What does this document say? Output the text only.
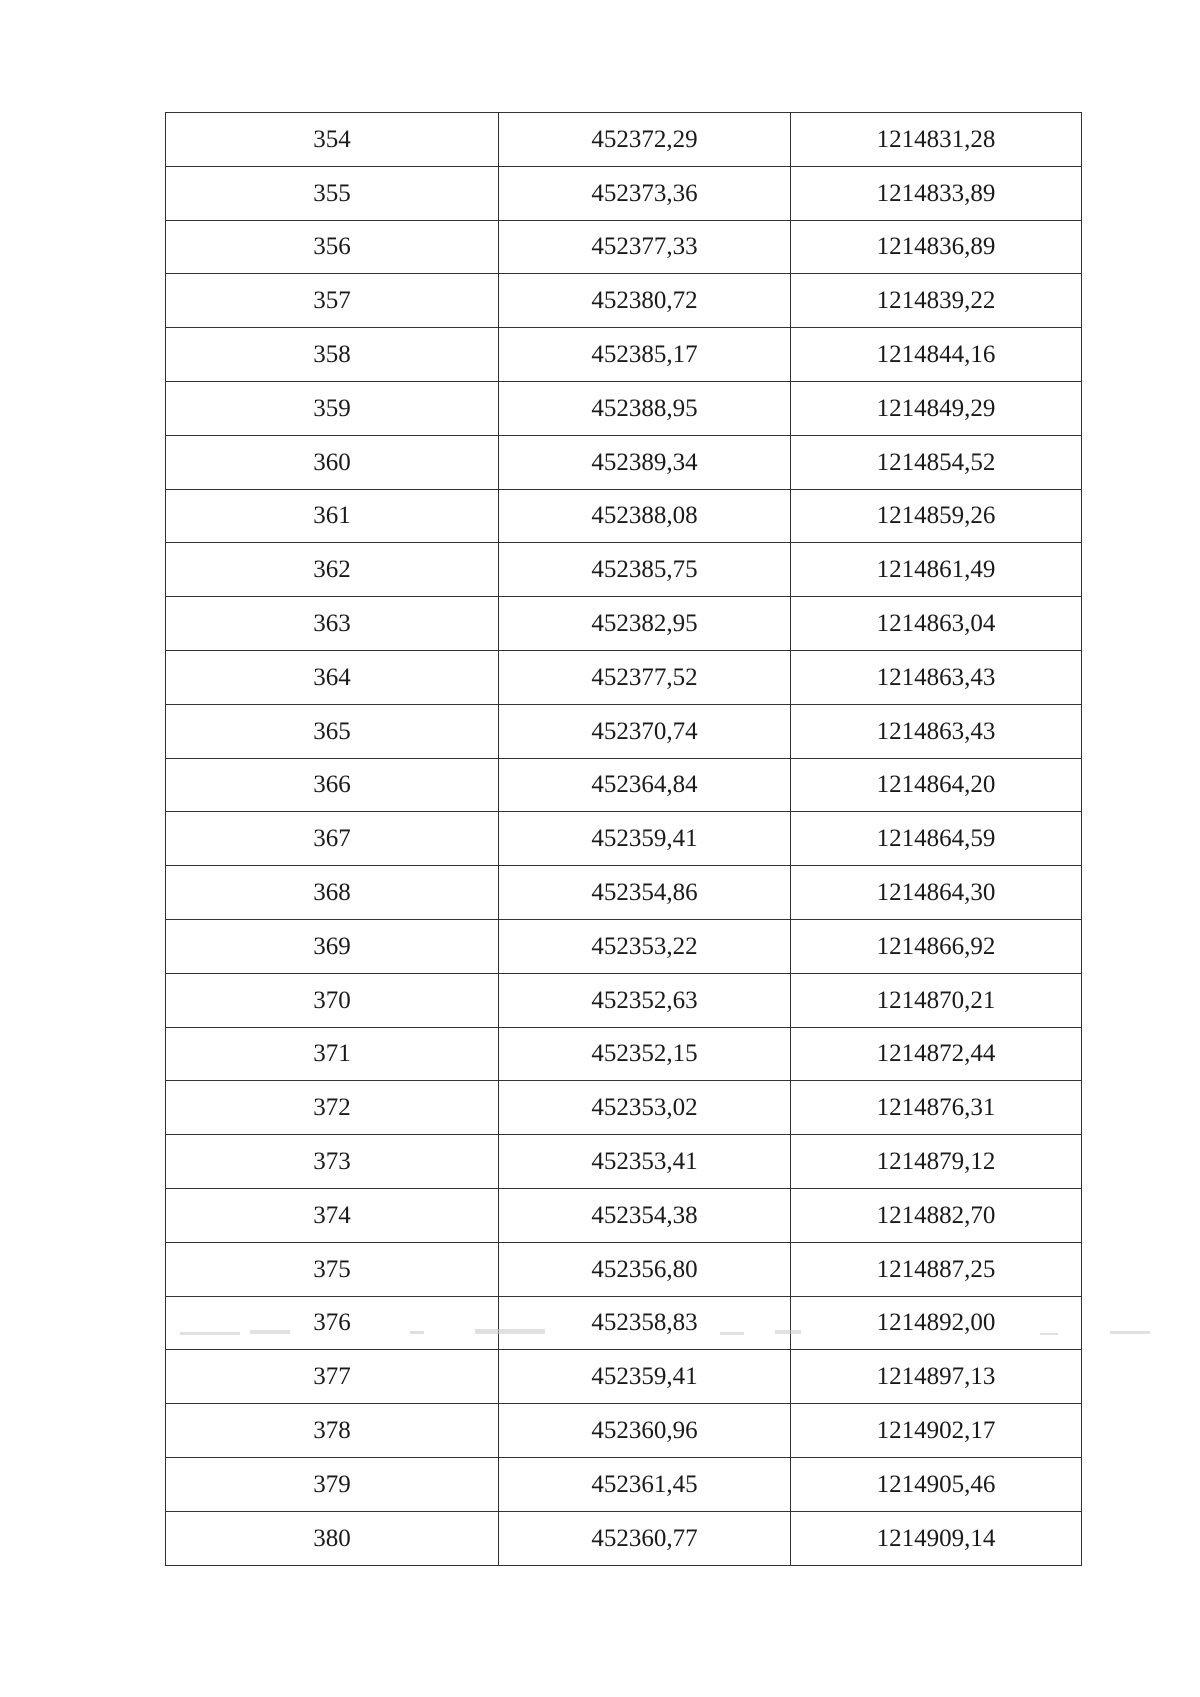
354	452372,29	1214831,28
355	452373,36	1214833,89
356	452377,33	1214836,89
357	452380,72	1214839,22
358	452385,17	1214844,16
359	452388,95	1214849,29
360	452389,34	1214854,52
361	452388,08	1214859,26
362	452385,75	1214861,49
363	452382,95	1214863,04
364	452377,52	1214863,43
365	452370,74	1214863,43
366	452364,84	1214864,20
367	452359,41	1214864,59
368	452354,86	1214864,30
369	452353,22	1214866,92
370	452352,63	1214870,21
371	452352,15	1214872,44
372	452353,02	1214876,31
373	452353,41	1214879,12
374	452354,38	1214882,70
375	452356,80	1214887,25
376	452358,83	1214892,00
377	452359,41	1214897,13
378	452360,96	1214902,17
379	452361,45	1214905,46
380	452360,77	1214909,14
